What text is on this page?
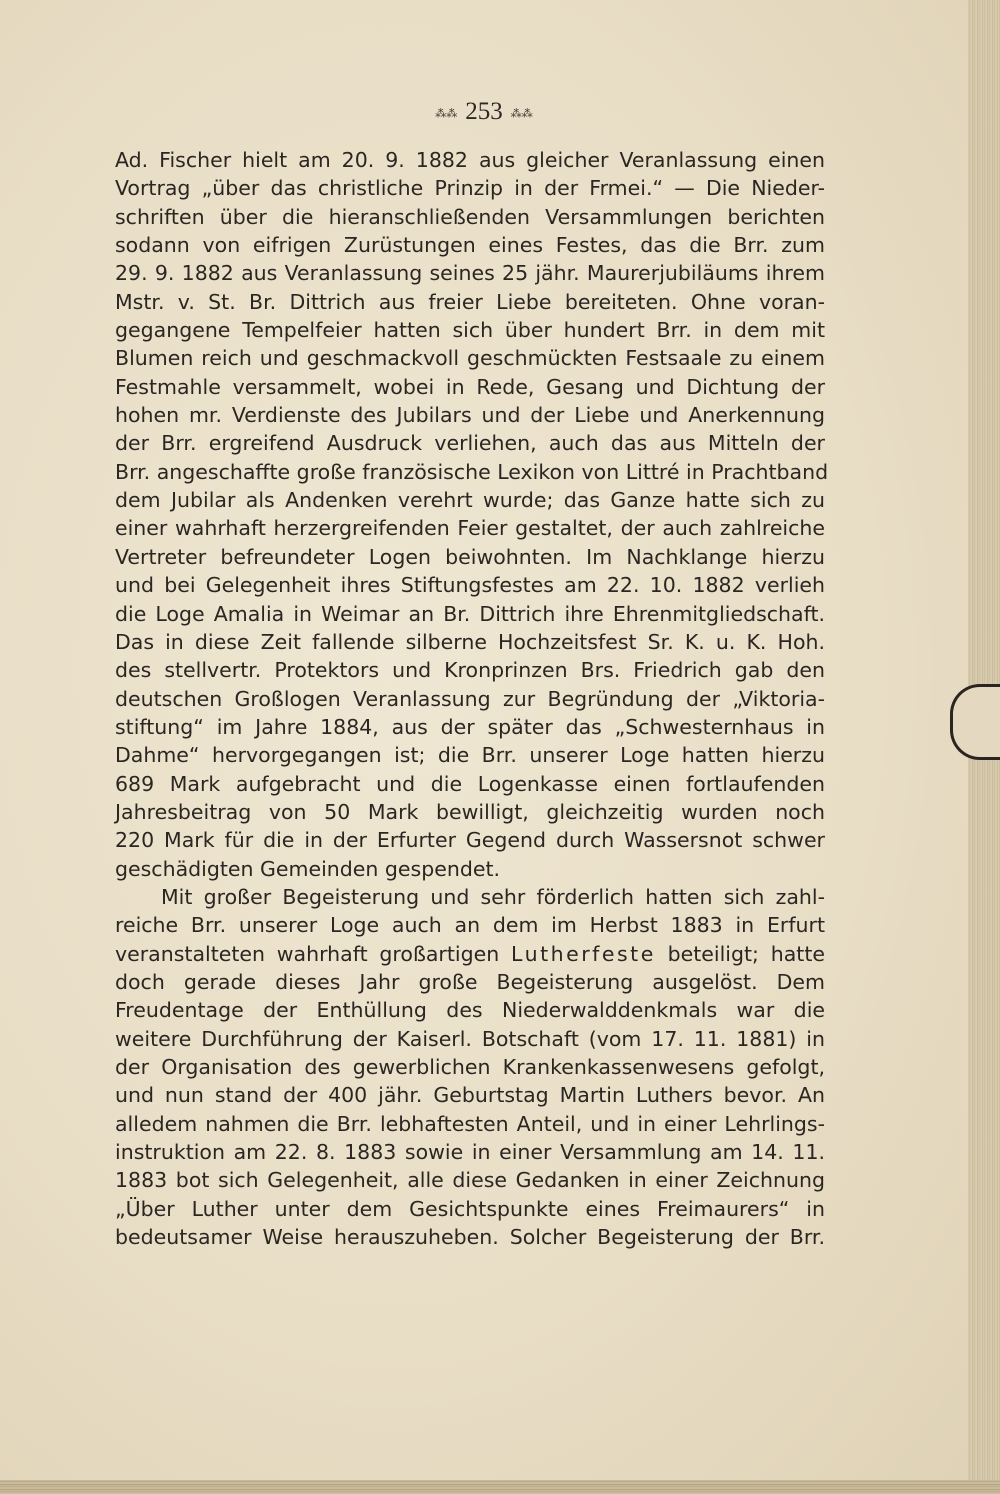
⁂⁂ 253 ⁂⁂
Ad. Fischer hielt am 20. 9. 1882 aus gleicher Veranlassung einen
Vortrag „über das christliche Prinzip in der Frmei.“ — Die Nieder-
schriften über die hieranschließenden Versammlungen berichten
sodann von eifrigen Zurüstungen eines Festes, das die Brr. zum
29. 9. 1882 aus Veranlassung seines 25 jähr. Maurerjubiläums ihrem
Mstr. v. St. Br. Dittrich aus freier Liebe bereiteten. Ohne voran-
gegangene Tempelfeier hatten sich über hundert Brr. in dem mit
Blumen reich und geschmackvoll geschmückten Festsaale zu einem
Festmahle versammelt, wobei in Rede, Gesang und Dichtung der
hohen mr. Verdienste des Jubilars und der Liebe und Anerkennung
der Brr. ergreifend Ausdruck verliehen, auch das aus Mitteln der
Brr. angeschaffte große französische Lexikon von Littré in Prachtband
dem Jubilar als Andenken verehrt wurde; das Ganze hatte sich zu
einer wahrhaft herzergreifenden Feier gestaltet, der auch zahlreiche
Vertreter befreundeter Logen beiwohnten. Im Nachklange hierzu
und bei Gelegenheit ihres Stiftungsfestes am 22. 10. 1882 verlieh
die Loge Amalia in Weimar an Br. Dittrich ihre Ehrenmitgliedschaft.
Das in diese Zeit fallende silberne Hochzeitsfest Sr. K. u. K. Hoh.
des stellvertr. Protektors und Kronprinzen Brs. Friedrich gab den
deutschen Großlogen Veranlassung zur Begründung der „Viktoria-
stiftung“ im Jahre 1884, aus der später das „Schwesternhaus in
Dahme“ hervorgegangen ist; die Brr. unserer Loge hatten hierzu
689 Mark aufgebracht und die Logenkasse einen fortlaufenden
Jahresbeitrag von 50 Mark bewilligt, gleichzeitig wurden noch
220 Mark für die in der Erfurter Gegend durch Wassersnot schwer
geschädigten Gemeinden gespendet.
Mit großer Begeisterung und sehr förderlich hatten sich zahl-
reiche Brr. unserer Loge auch an dem im Herbst 1883 in Erfurt
veranstalteten wahrhaft großartigen Lutherfeste beteiligt; hatte
doch gerade dieses Jahr große Begeisterung ausgelöst. Dem
Freudentage der Enthüllung des Niederwalddenkmals war die
weitere Durchführung der Kaiserl. Botschaft (vom 17. 11. 1881) in
der Organisation des gewerblichen Krankenkassenwesens gefolgt,
und nun stand der 400 jähr. Geburtstag Martin Luthers bevor. An
alledem nahmen die Brr. lebhaftesten Anteil, und in einer Lehrlings-
instruktion am 22. 8. 1883 sowie in einer Versammlung am 14. 11.
1883 bot sich Gelegenheit, alle diese Gedanken in einer Zeichnung
„Über Luther unter dem Gesichtspunkte eines Freimaurers“ in
bedeutsamer Weise herauszuheben. Solcher Begeisterung der Brr.
